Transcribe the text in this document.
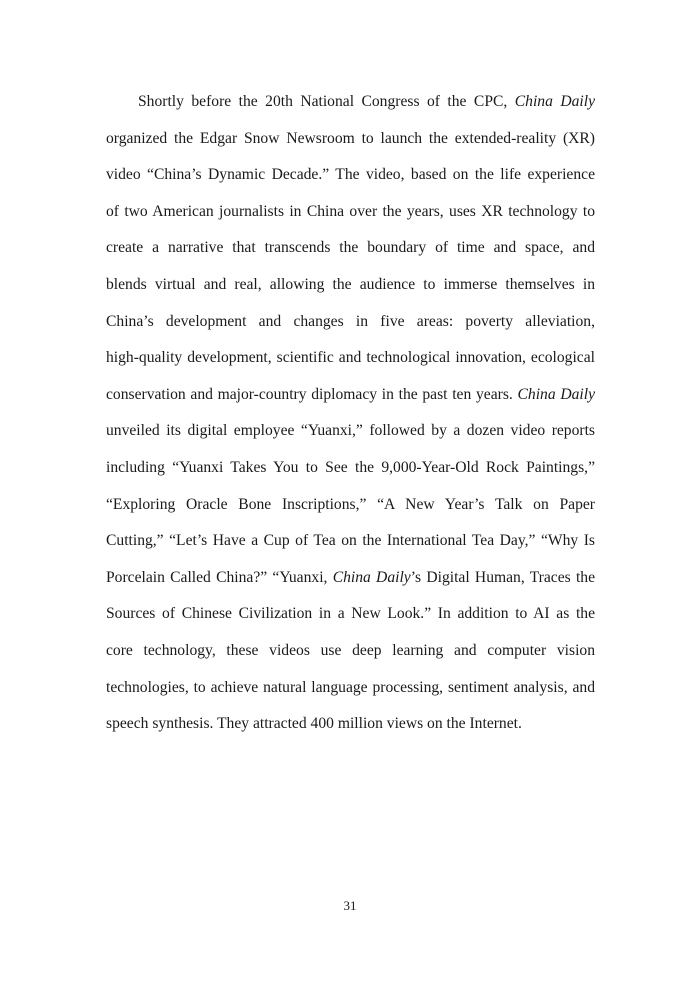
Shortly before the 20th National Congress of the CPC, China Daily
organized the Edgar Snow Newsroom to launch the extended-reality (XR)
video “China’s Dynamic Decade.” The video, based on the life experience
of two American journalists in China over the years, uses XR technology to
create a narrative that transcends the boundary of time and space, and
blends virtual and real, allowing the audience to immerse themselves in
China’s development and changes in five areas: poverty alleviation,
high-quality development, scientific and technological innovation, ecological
conservation and major-country diplomacy in the past ten years. China Daily
unveiled its digital employee “Yuanxi,” followed by a dozen video reports
including “Yuanxi Takes You to See the 9,000-Year-Old Rock Paintings,”
“Exploring Oracle Bone Inscriptions,” “A New Year’s Talk on Paper
Cutting,” “Let’s Have a Cup of Tea on the International Tea Day,” “Why Is
Porcelain Called China?” “Yuanxi, China Daily’s Digital Human, Traces the
Sources of Chinese Civilization in a New Look.” In addition to AI as the
core technology, these videos use deep learning and computer vision
technologies, to achieve natural language processing, sentiment analysis, and
speech synthesis. They attracted 400 million views on the Internet.
31
